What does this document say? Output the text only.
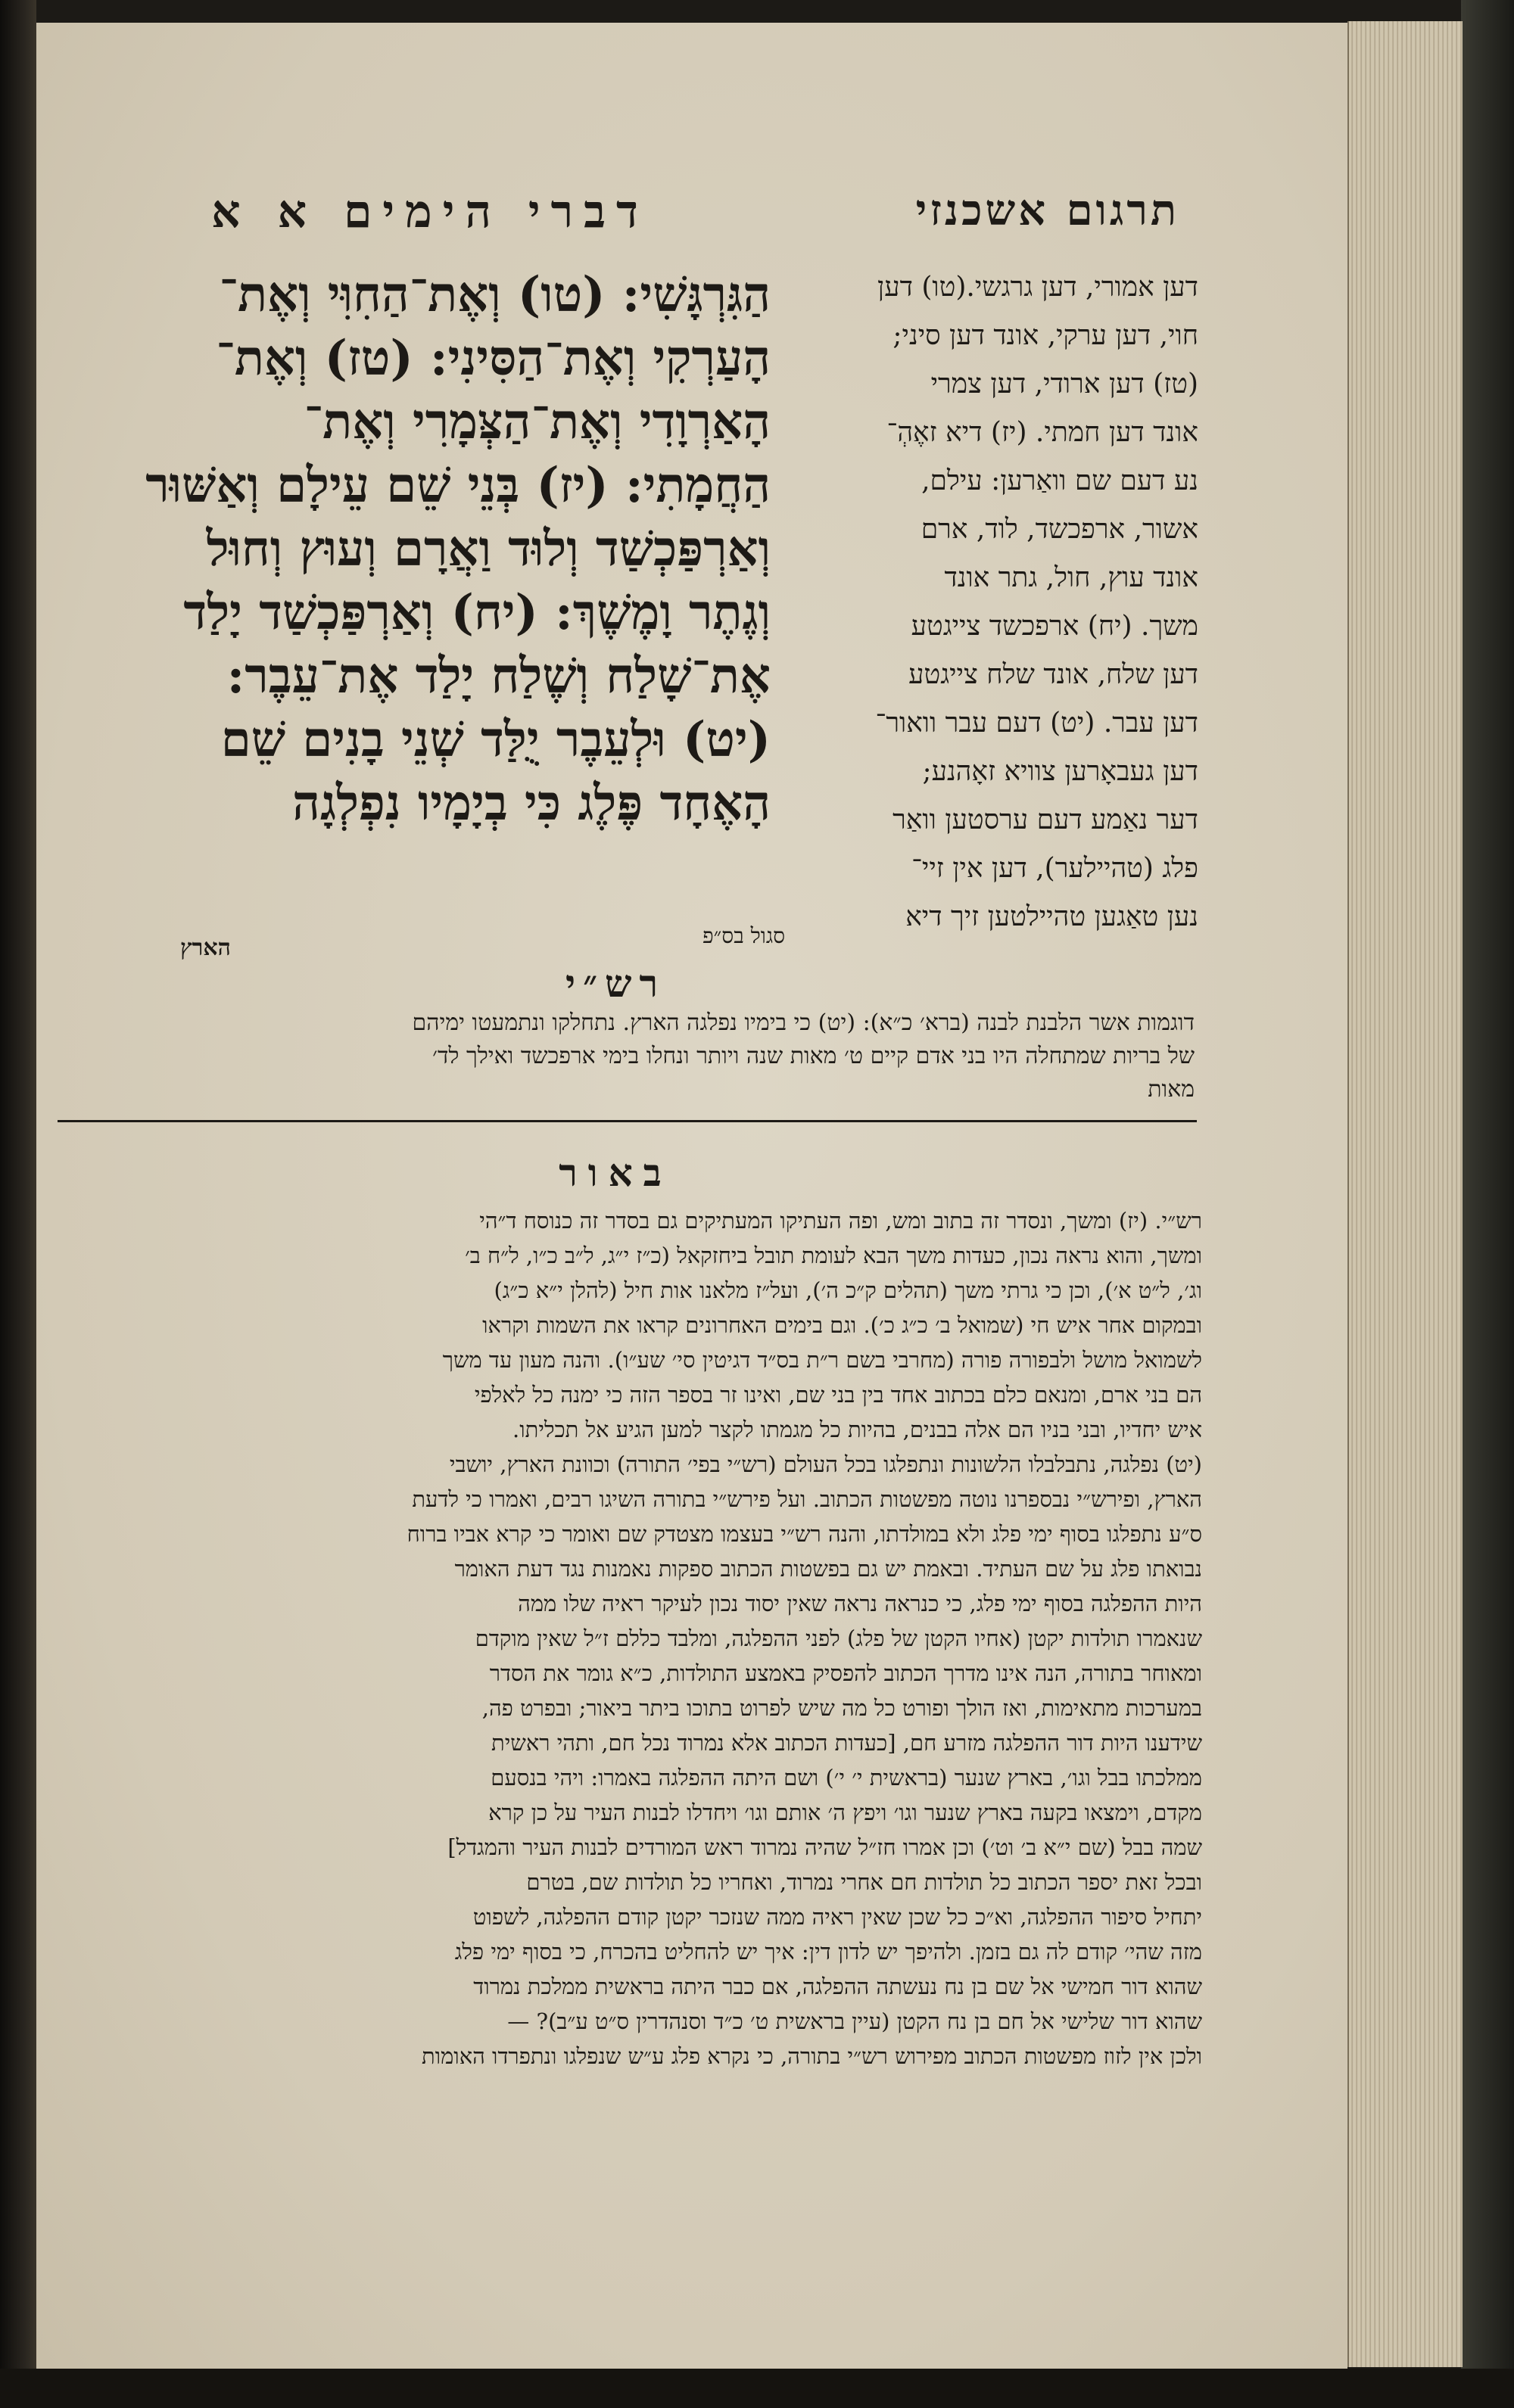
תרגום אשכנזי
דברי הימים א א
דען אמורי, דען גרגשי.(טו) דען
חוי, דען ערקי, אונד דען סיני;
(טז) דען ארודי, דען צמרי
אונד דען חמתי. (יז) דיא זאֶהְ־
נע דעם שם וואַרען: עילם,
אשור, ארפכשד, לוד, ארם
אונד עוץ, חול, גתר אונד
משך. (יח) ארפכשד צייגטע
דען שלח, אונד שלח צייגטע
דען עבר. (יט) דעם עבר וואור־
דען געבאָרען צוויא זאָהנע;
דער נאַמע דעם ערסטען וואַר
פלג (טהיילער), דען אין זיי־
נען טאַגען טהיילטען זיך דיא
הַגִּרְגָּשִׁי: (טו) וְאֶת־הַחִוִּי וְאֶת־
הָעַרְקִי וְאֶת־הַסִּינִי: (טז) וְאֶת־
הָאַרְוָדִי וְאֶת־הַצְּמָרִי וְאֶת־
הַחֲמָתִי: (יז) בְּנֵי שֵׁם עֵילָם וְאַשּׁוּר
וְאַרְפַּכְשַׁד וְלוּד וַאֲרָם וְעוּץ וְחוּל
וְגֶתֶר וָמֶשֶׁךְ: (יח) וְאַרְפַּכְשַׁד יָלַד
אֶת־שָׁלַח וְשֶׁלַח יָלַד אֶת־עֵבֶר:
(יט) וּלְעֵבֶר יֻלַּד שְׁנֵי בָנִים שֵׁם
הָאֶחָד פֶּלֶג כִּי בְיָמָיו נִפְלְגָה
סגול בס״פ
הארץ
רש״י
דוגמות אשר הלבנת לבנה (ברא׳ כ״א): (יט) כי בימיו נפלגה הארץ. נתחלקו ונתמעטו ימיהם
של בריות שמתחלה היו בני אדם קיים ט׳ מאות שנה ויותר ונחלו בימי ארפכשד ואילך לד׳
מאות
באור
רש״י. (יז) ומשך, ונסדר זה בתוב ומש, ופה העתיקו המעתיקים גם בסדר זה כנוסח ד״הי
ומשך, והוא נראה נכון, כעדות משך הבא לעומת תובל ביחזקאל (כ״ז י״ג, ל״ב כ״ו, ל״ח ב׳
וג׳, ל״ט א׳), וכן כי גרתי משך (תהלים ק״כ ה׳), ועל״ז מלאנו אות חיל (להלן י״א כ״ג)
ובמקום אחר איש חי (שמואל ב׳ כ״ג כ׳). וגם בימים האחרונים קראו את השמות וקראו
לשמואל מושל ולבפורה פורה (מחרבי בשם ר״ת בס״ד דגיטין סי׳ שע״ו). והנה מעון עד משך
הם בני ארם, ומנאם כלם בכתוב אחד בין בני שם, ואינו זר בספר הזה כי ימנה כל לאלפי
איש יחדיו, ובני בניו הם אלה בבנים, בהיות כל מגמתו לקצר למען הגיע אל תכליתו.
(יט) נפלגה, נתבלבלו הלשונות ונתפלגו בכל העולם (רש״י בפי׳ התורה) וכוונת הארץ, יושבי
הארץ, ופירש״י נבספרנו נוטה מפשטות הכתוב. ועל פירש״י בתורה השיגו רבים, ואמרו כי לדעת
ס״ע נתפלגו בסוף ימי פלג ולא במולדתו, והנה רש״י בעצמו מצטדק שם ואומר כי קרא אביו ברוח
נבואתו פלג על שם העתיד. ובאמת יש גם בפשטות הכתוב ספקות נאמנות נגד דעת האומר
היות ההפלגה בסוף ימי פלג, כי כנראה נראה שאין יסוד נכון לעיקר ראיה שלו ממה
שנאמרו תולדות יקטן (אחיו הקטן של פלג) לפני ההפלגה, ומלבד כללם ז״ל שאין מוקדם
ומאוחר בתורה, הנה אינו מדרך הכתוב להפסיק באמצע התולדות, כ״א גומר את הסדר
במערכות מתאימות, ואז הולך ופורט כל מה שיש לפרוט בתוכו ביתר ביאור; ובפרט פה,
שידענו היות דור ההפלגה מזרע חם, [כעדות הכתוב אלא נמרוד נכל חם, ותהי ראשית
ממלכתו בבל וגו׳, בארץ שנער (בראשית י׳ י׳) ושם היתה ההפלגה באמרו: ויהי בנסעם
מקדם, וימצאו בקעה בארץ שנער וגו׳ ויפץ ה׳ אותם וגו׳ ויחדלו לבנות העיר על כן קרא
שמה בבל (שם י״א ב׳ וט׳) וכן אמרו חז״ל שהיה נמרוד ראש המורדים לבנות העיר והמגדל]
ובכל זאת יספר הכתוב כל תולדות חם אחרי נמרוד, ואחריו כל תולדות שם, בטרם
יתחיל סיפור ההפלגה, וא״כ כל שכן שאין ראיה ממה שנזכר יקטן קודם ההפלגה, לשפוט
מזה שהי׳ קודם לה גם בזמן. ולהיפך יש לדון דין: איך יש להחליט בהכרח, כי בסוף ימי פלג
שהוא דור חמישי אל שם בן נח נעשתה ההפלגה, אם כבר היתה בראשית ממלכת נמרוד
שהוא דור שלישי אל חם בן נח הקטן (עיין בראשית ט׳ כ״ד וסנהדרין ס״ט ע״ב)? —
ולכן אין לזוז מפשטות הכתוב מפירוש רש״י בתורה, כי נקרא פלג ע״ש שנפלגו ונתפרדו האומות
